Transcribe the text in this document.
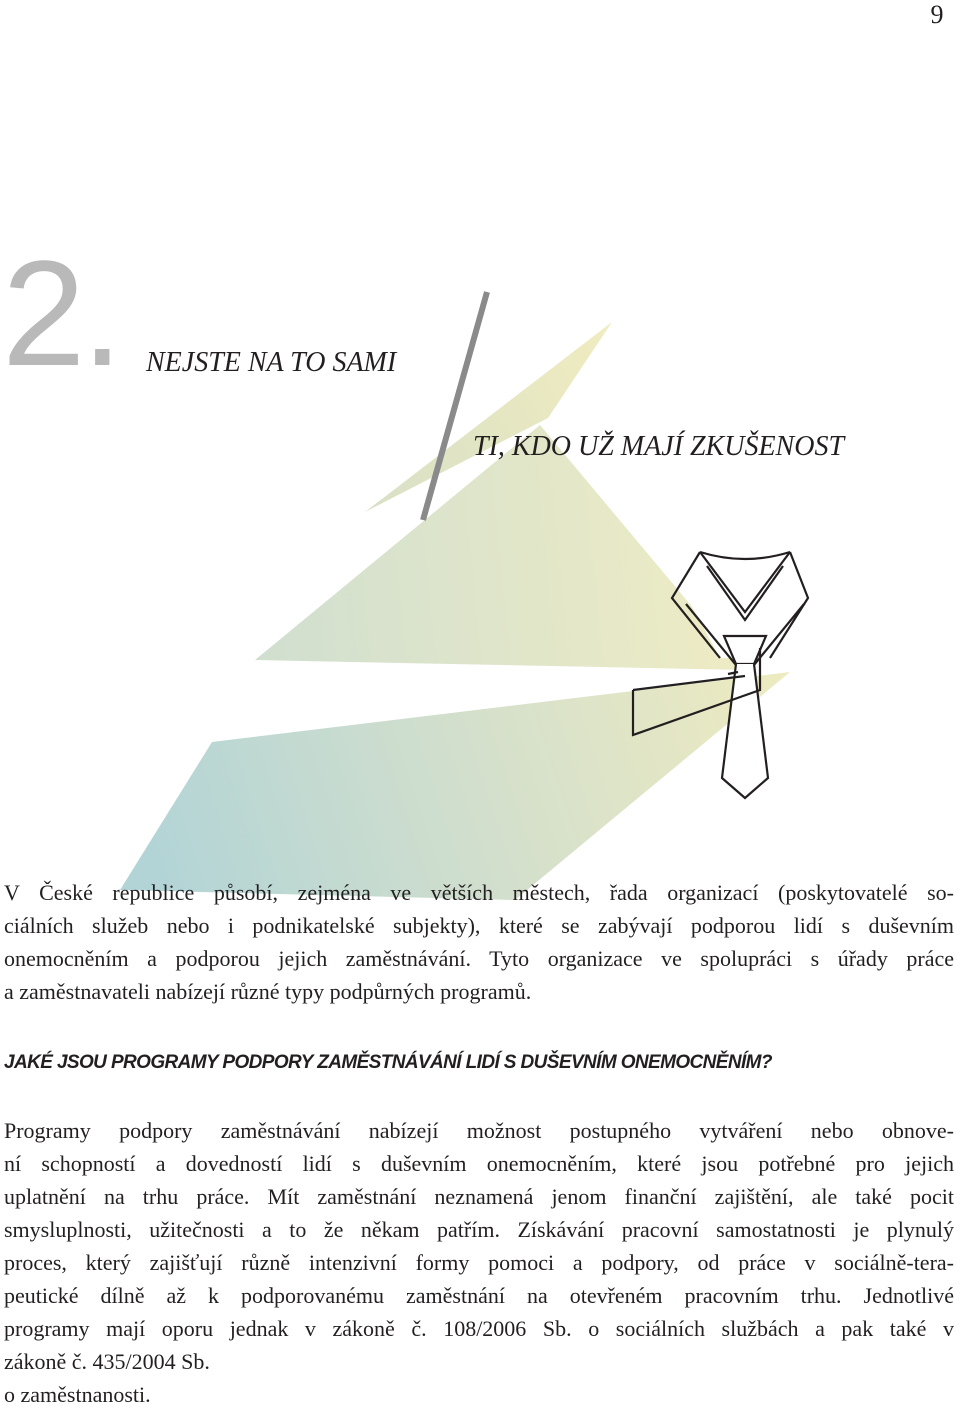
9
2. NEJSTE NA TO SAMI
TI, KDO UŽ MAJÍ ZKUŠENOST

V České republice působí, zejména ve větších městech, řada organizací (poskytovatelé so-
ciálních služeb nebo i podnikatelské subjekty), které se zabývají podporou lidí s duševním
onemocněním a podporou jejich zaměstnávání. Tyto organizace ve spolupráci s úřady práce
a zaměstnavateli nabízejí různé typy podpůrných programů.

JAKÉ JSOU PROGRAMY PODPORY ZAMĚSTNÁVÁNÍ LIDÍ S DUŠEVNÍM ONEMOCNĚNÍM?

Programy podpory zaměstnávání nabízejí možnost postupného vytváření nebo obnove-
ní schopností a dovedností lidí s duševním onemocněním, které jsou potřebné pro jejich
uplatnění na trhu práce. Mít zaměstnání neznamená jenom finanční zajištění, ale také pocit
smysluplnosti, užitečnosti a to že někam patřím. Získávání pracovní samostatnosti je plynulý
proces, který zajišťují různě intenzivní formy pomoci a podpory, od práce v sociálně-tera-
peutické dílně až k podporovanému zaměstnání na otevřeném pracovním trhu. Jednotlivé
programy mají oporu jednak v zákoně č. 108/2006 Sb. o sociálních službách a pak také v
zákoně č. 435/2004 Sb.
o zaměstnanosti.
